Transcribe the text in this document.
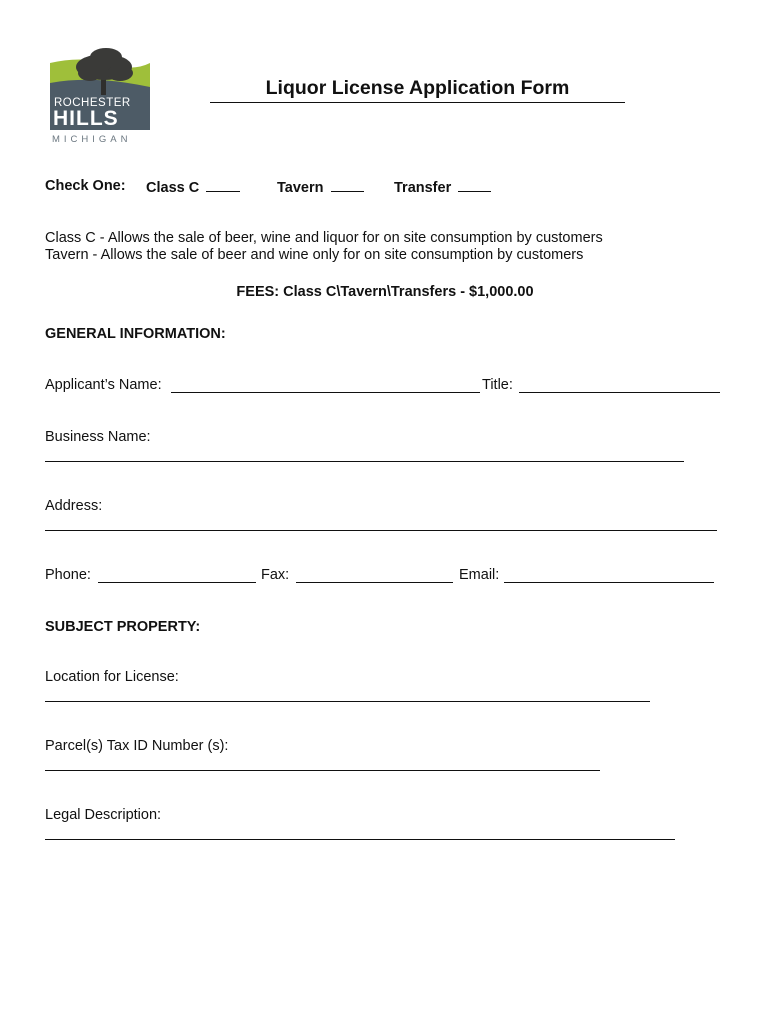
ROCHESTER
HILLS
MICHIGAN
Liquor License Application Form
Check One: Class C	Tavern	Transfer
Class C - Allows the sale of beer, wine and liquor for on site consumption by customers
Tavern - Allows the sale of beer and wine only for on site consumption by customers
FEES: Class C\Tavern\Transfers - $1,000.00
GENERAL INFORMATION:
Applicant’s Name:	Title:
Business Name:
Address:
Phone:	Fax:	Email:
SUBJECT PROPERTY:
Location for License:
Parcel(s) Tax ID Number (s):
Legal Description:
